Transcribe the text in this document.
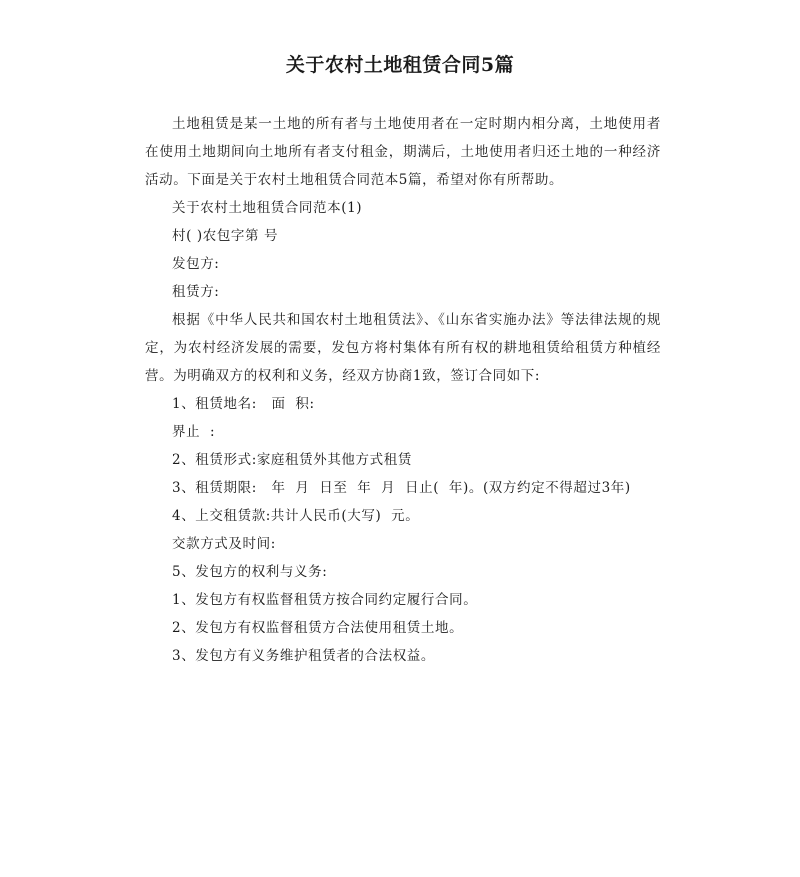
关于农村土地租赁合同5篇

土地租赁是某一土地的所有者与土地使用者在一定时期内相分离，土地使用者在使用土地期间向土地所有者支付租金，期满后，土地使用者归还土地的一种经济活动。下面是关于农村土地租赁合同范本5篇，希望对你有所帮助。

关于农村土地租赁合同范本(1)

村( )农包字第 号

发包方:

租赁方:

根据《中华人民共和国农村土地租赁法》、《山东省实施办法》等法律法规的规定，为农村经济发展的需要，发包方将村集体有所有权的耕地租赁给租赁方种植经营。为明确双方的权利和义务，经双方协商1致，签订合同如下:

1、租赁地名:   面  积:

界止  :

2、租赁形式:家庭租赁外其他方式租赁

3、租赁期限:   年  月  日至  年  月  日止(  年)。(双方约定不得超过3年)

4、上交租赁款:共计人民币(大写)  元。

交款方式及时间:

5、发包方的权利与义务:

1、发包方有权监督租赁方按合同约定履行合同。

2、发包方有权监督租赁方合法使用租赁土地。

3、发包方有义务维护租赁者的合法权益。
